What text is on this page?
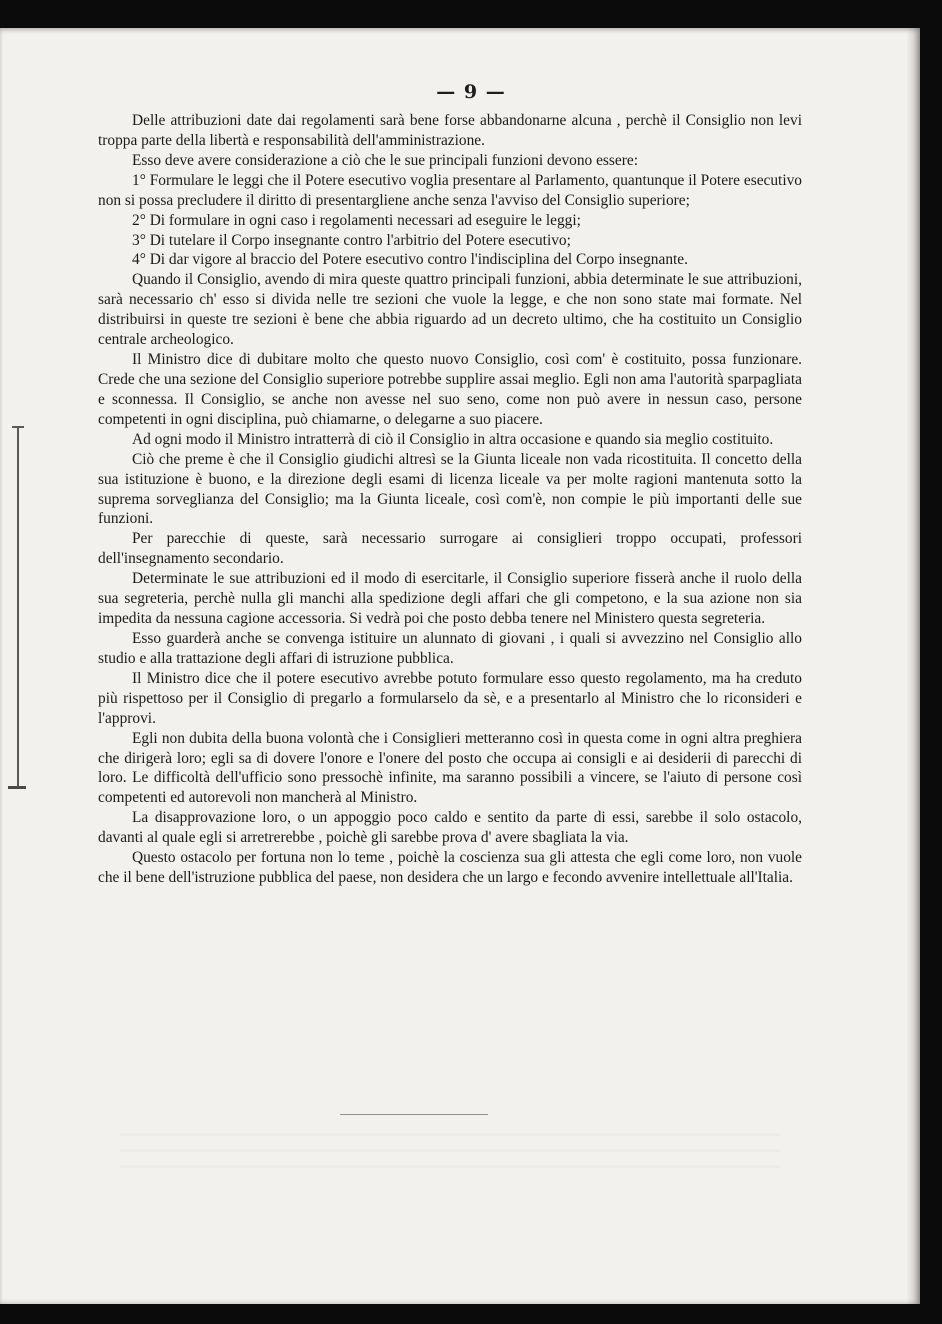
— 9 —

Delle attribuzioni date dai regolamenti sarà bene forse abbandonarne alcuna , perchè il Consiglio non levi troppa parte della libertà e responsabilità dell'amministrazione.

Esso deve avere considerazione a ciò che le sue principali funzioni devono essere:

1° Formulare le leggi che il Potere esecutivo voglia presentare al Parlamento, quantunque il Potere esecutivo non si possa precludere il diritto di presentargliene anche senza l'avviso del Consiglio superiore;

2° Di formulare in ogni caso i regolamenti necessari ad eseguire le leggi;

3° Di tutelare il Corpo insegnante contro l'arbitrio del Potere esecutivo;

4° Di dar vigore al braccio del Potere esecutivo contro l'indisciplina del Corpo insegnante.

Quando il Consiglio, avendo di mira queste quattro principali funzioni, abbia determinate le sue attribuzioni, sarà necessario ch' esso si divida nelle tre sezioni che vuole la legge, e che non sono state mai formate. Nel distribuirsi in queste tre sezioni è bene che abbia riguardo ad un decreto ultimo, che ha costituito un Consiglio centrale archeologico.

Il Ministro dice di dubitare molto che questo nuovo Consiglio, così com' è costituito, possa funzionare. Crede che una sezione del Consiglio superiore potrebbe supplire assai meglio. Egli non ama l'autorità sparpagliata e sconnessa. Il Consiglio, se anche non avesse nel suo seno, come non può avere in nessun caso, persone competenti in ogni disciplina, può chiamarne, o delegarne a suo piacere.

Ad ogni modo il Ministro intratterrà di ciò il Consiglio in altra occasione e quando sia meglio costituito.

Ciò che preme è che il Consiglio giudichi altresì se la Giunta liceale non vada ricostituita. Il concetto della sua istituzione è buono, e la direzione degli esami di licenza liceale va per molte ragioni mantenuta sotto la suprema sorveglianza del Consiglio; ma la Giunta liceale, così com'è, non compie le più importanti delle sue funzioni.

Per parecchie di queste, sarà necessario surrogare ai consiglieri troppo occupati, professori dell'insegnamento secondario.

Determinate le sue attribuzioni ed il modo di esercitarle, il Consiglio superiore fisserà anche il ruolo della sua segreteria, perchè nulla gli manchi alla spedizione degli affari che gli competono, e la sua azione non sia impedita da nessuna cagione accessoria. Si vedrà poi che posto debba tenere nel Ministero questa segreteria.

Esso guarderà anche se convenga istituire un alunnato di giovani , i quali si avvezzino nel Consiglio allo studio e alla trattazione degli affari di istruzione pubblica.

Il Ministro dice che il potere esecutivo avrebbe potuto formulare esso questo regolamento, ma ha creduto più rispettoso per il Consiglio di pregarlo a formularselo da sè, e a presentarlo al Ministro che lo riconsideri e l'approvi.

Egli non dubita della buona volontà che i Consiglieri metteranno così in questa come in ogni altra preghiera che dirigerà loro; egli sa di dovere l'onore e l'onere del posto che occupa ai consigli e ai desiderii di parecchi di loro. Le difficoltà dell'ufficio sono pressochè infinite, ma saranno possibili a vincere, se l'aiuto di persone così competenti ed autorevoli non mancherà al Ministro.

La disapprovazione loro, o un appoggio poco caldo e sentito da parte di essi, sarebbe il solo ostacolo, davanti al quale egli si arretrerebbe , poichè gli sarebbe prova d' avere sbagliata la via.

Questo ostacolo per fortuna non lo teme , poichè la coscienza sua gli attesta che egli come loro, non vuole che il bene dell'istruzione pubblica del paese, non desidera che un largo e fecondo avvenire intellettuale all'Italia.
